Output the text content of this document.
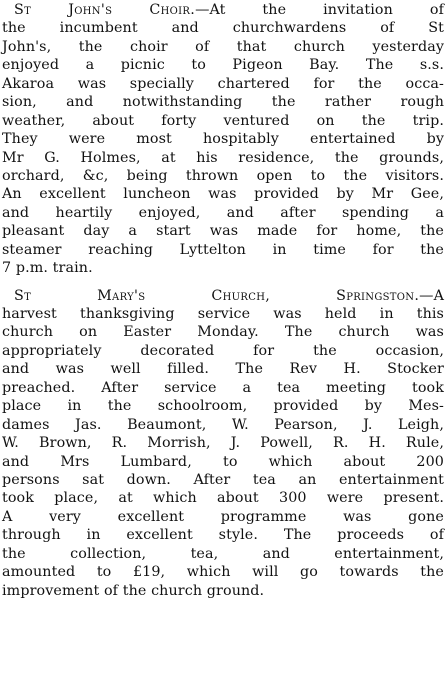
St John's Choir.—At the invitation of
the incumbent and churchwardens of St
John's, the choir of that church yesterday
enjoyed a picnic to Pigeon Bay. The s.s.
Akaroa was specially chartered for the occa-
sion, and notwithstanding the rather rough
weather, about forty ventured on the trip.
They were most hospitably entertained by
Mr G. Holmes, at his residence, the grounds,
orchard, &c, being thrown open to the visitors.
An excellent luncheon was provided by Mr Gee,
and heartily enjoyed, and after spending a
pleasant day a start was made for home, the
steamer reaching Lyttelton in time for the
7 p.m. train.
St Mary's Church, Springston.—A
harvest thanksgiving service was held in this
church on Easter Monday. The church was
appropriately decorated for the occasion,
and was well filled. The Rev H. Stocker
preached. After service a tea meeting took
place in the schoolroom, provided by Mes-
dames Jas. Beaumont, W. Pearson, J. Leigh,
W. Brown, R. Morrish, J. Powell, R. H. Rule,
and Mrs Lumbard, to which about 200
persons sat down. After tea an entertainment
took place, at which about 300 were present.
A very excellent programme was gone
through in excellent style. The proceeds of
the collection, tea, and entertainment,
amounted to £19, which will go towards the
improvement of the church ground.
